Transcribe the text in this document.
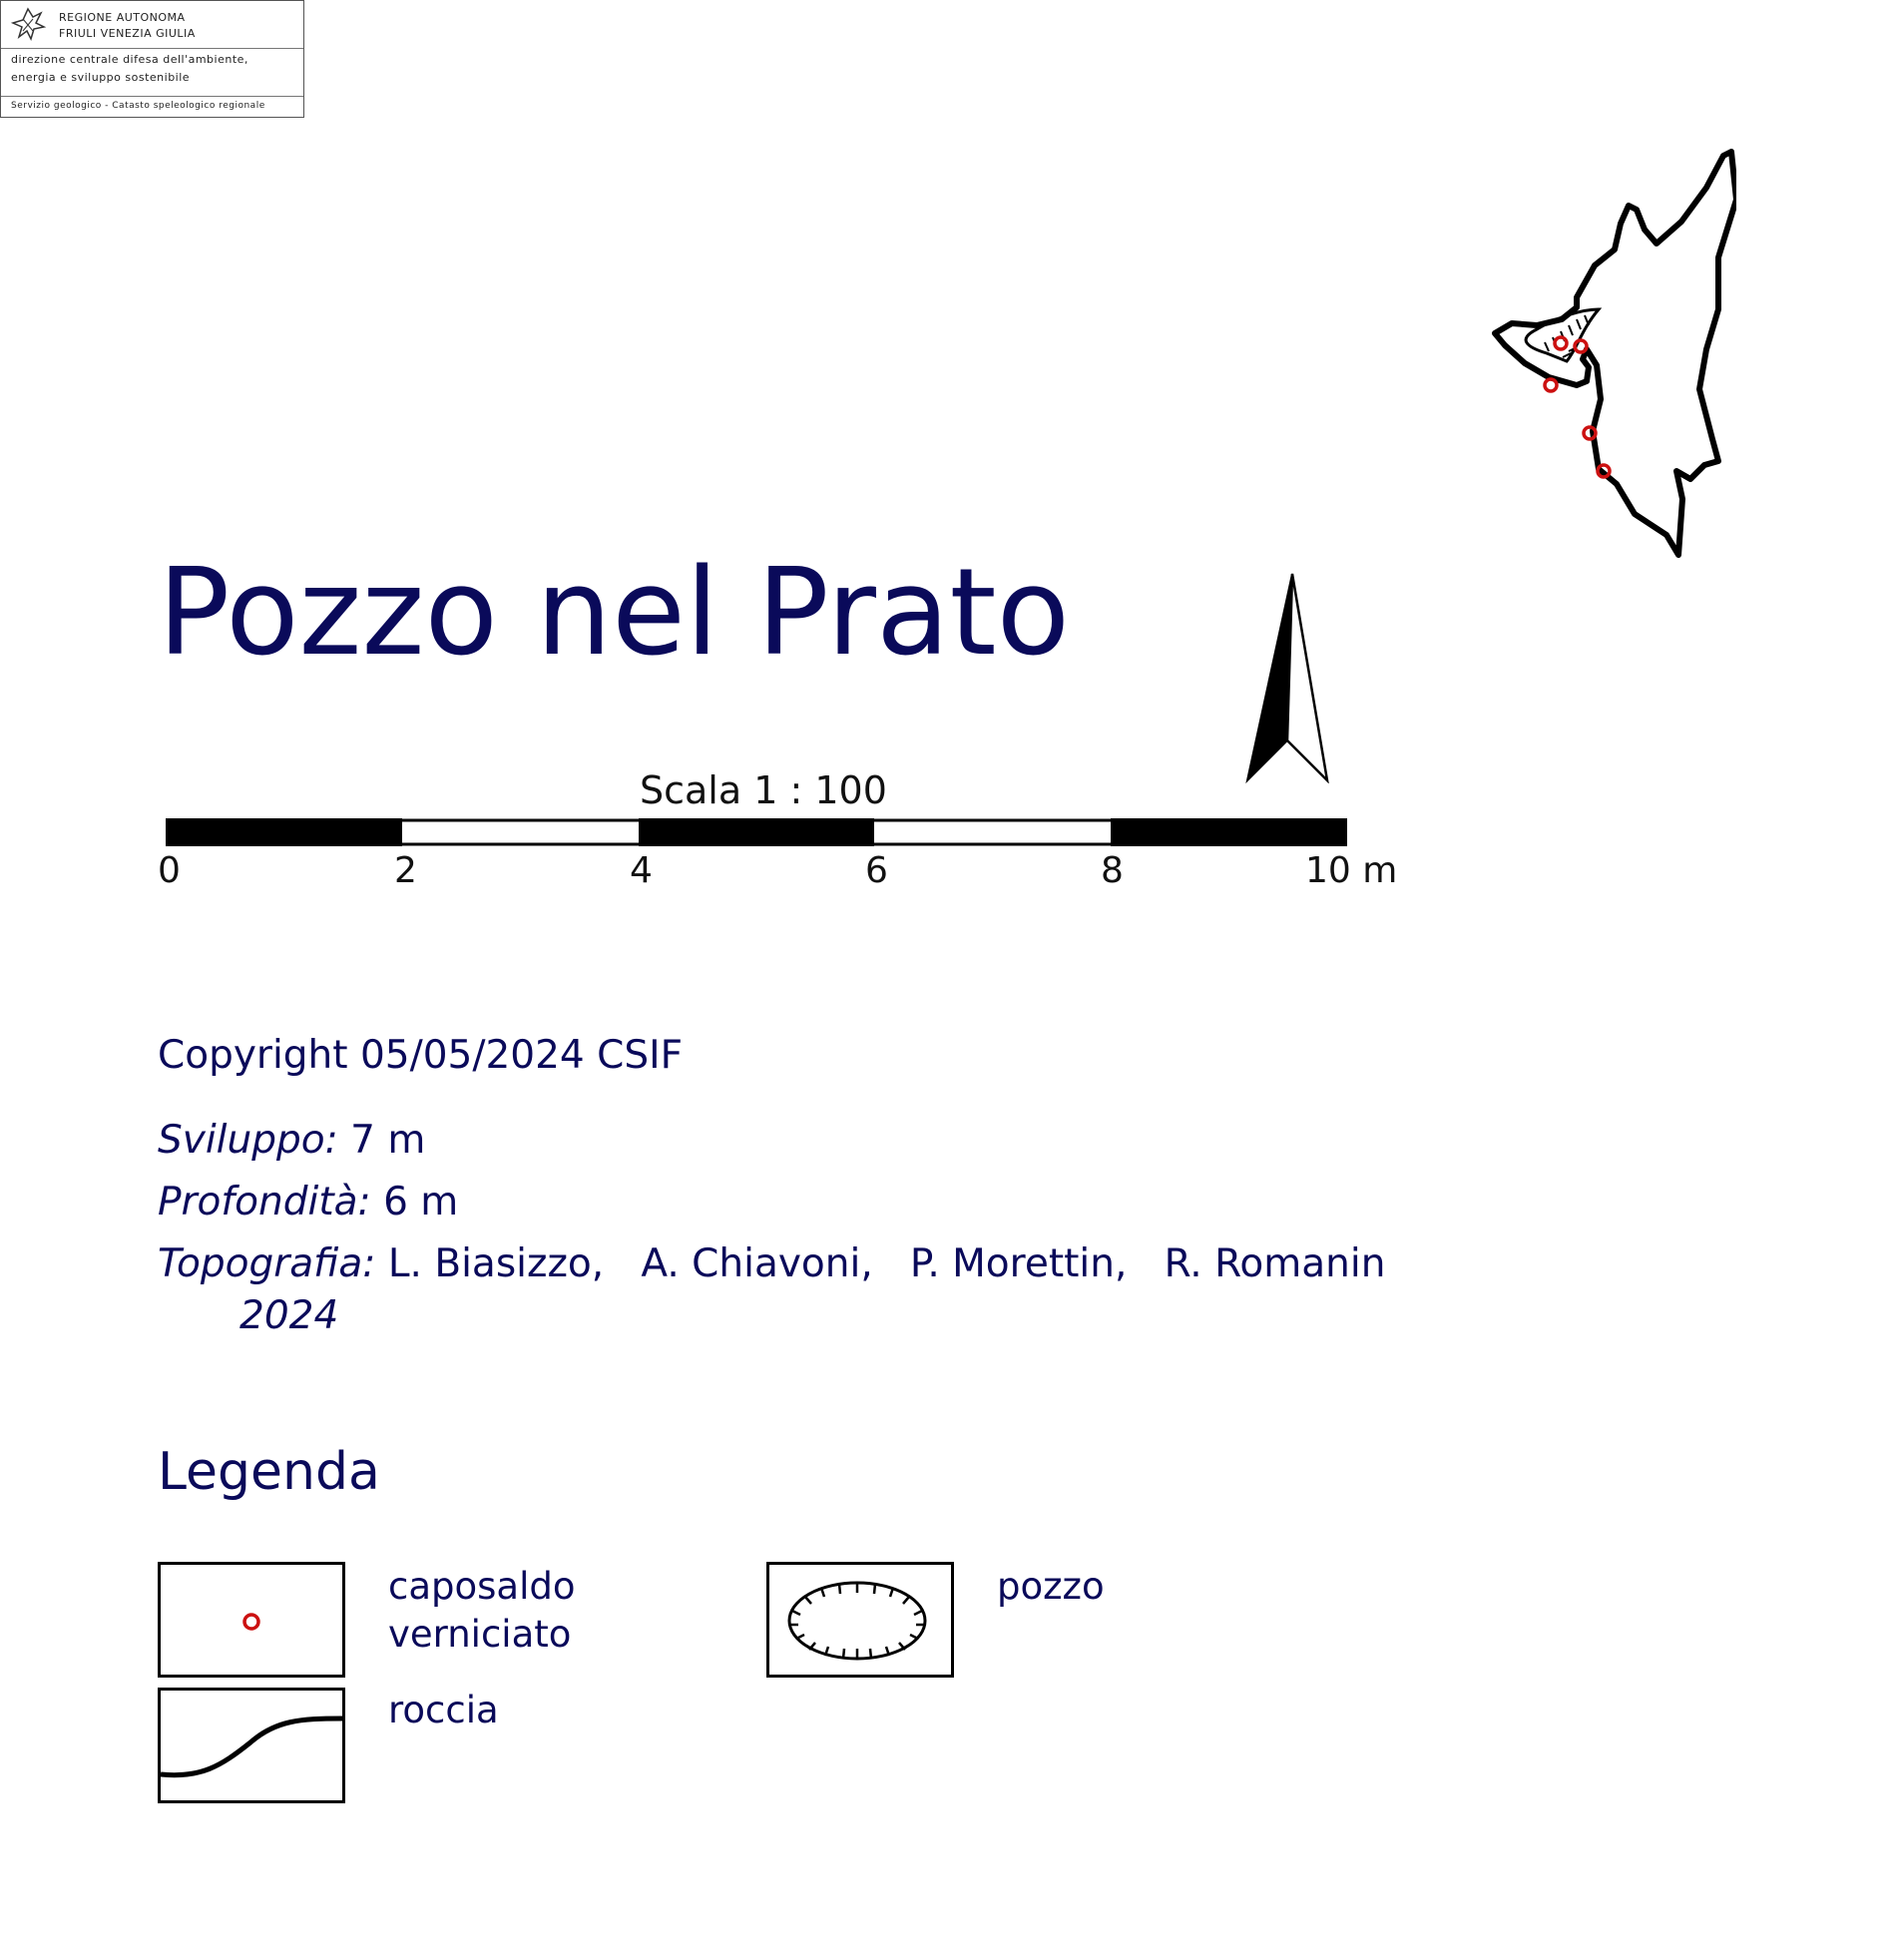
REGIONE AUTONOMA
FRIULI VENEZIA GIULIA
direzione centrale difesa dell'ambiente,
energia e sviluppo sostenibile
Servizio geologico - Catasto speleologico regionale
Pozzo nel Prato
Scala 1 : 100
0	2	4	6	8	10 m
Copyright 05/05/2024 CSIF
Sviluppo: 7 m
Profondità: 6 m
Topografia: L. Biasizzo,   A. Chiavoni,   P. Morettin,   R. Romanin
2024
Legenda
caposaldo
verniciato
pozzo
roccia
